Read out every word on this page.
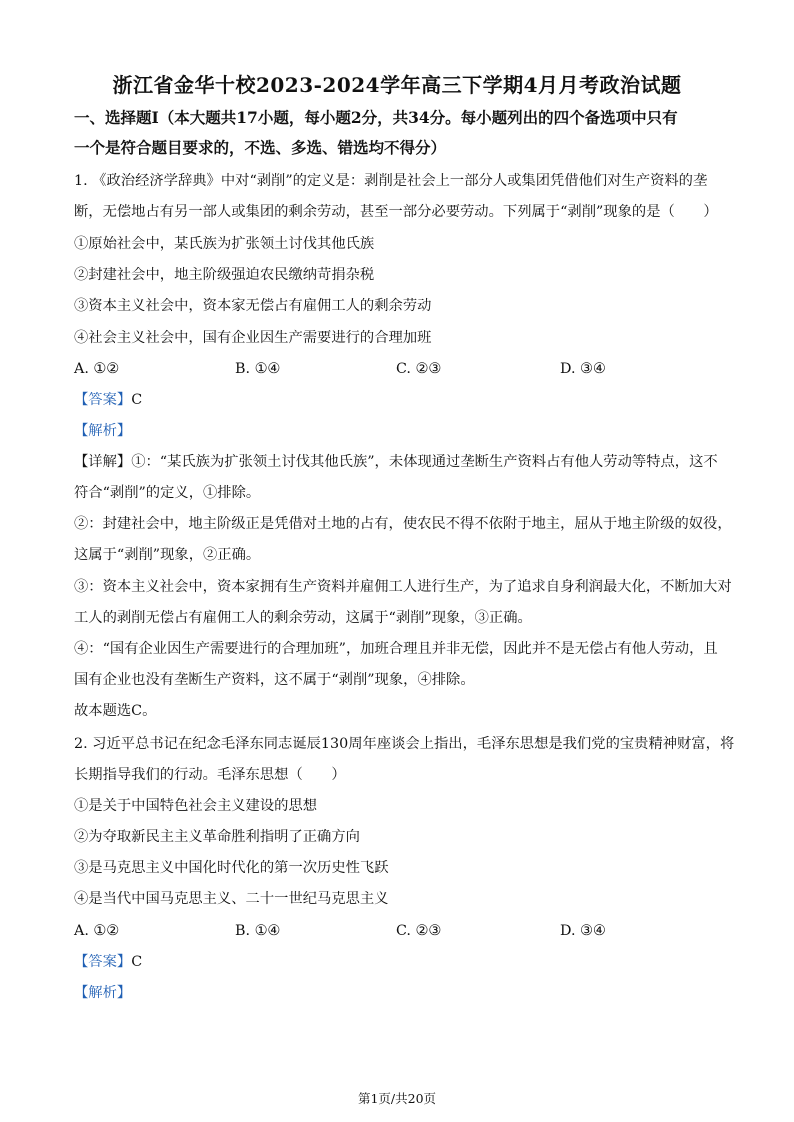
浙江省金华十校2023-2024学年高三下学期4月月考政治试题
一、选择题Ⅰ（本大题共17小题，每小题2分，共34分。每小题列出的四个备选项中只有
一个是符合题目要求的，不选、多选、错选均不得分）
1. 《政治经济学辞典》中对“剥削”的定义是：剥削是社会上一部分人或集团凭借他们对生产资料的垄
断，无偿地占有另一部人或集团的剩余劳动，甚至一部分必要劳动。下列属于“剥削”现象的是（　　）
①原始社会中，某氏族为扩张领土讨伐其他氏族
②封建社会中，地主阶级强迫农民缴纳苛捐杂税
③资本主义社会中，资本家无偿占有雇佣工人的剩余劳动
④社会主义社会中，国有企业因生产需要进行的合理加班
A. ①②	B. ①④	C. ②③	D. ③④
【答案】C
【解析】
【详解】①：“某氏族为扩张领土讨伐其他氏族”，未体现通过垄断生产资料占有他人劳动等特点，这不
符合“剥削”的定义，①排除。
②：封建社会中，地主阶级正是凭借对土地的占有，使农民不得不依附于地主，屈从于地主阶级的奴役，
这属于“剥削”现象，②正确。
③：资本主义社会中，资本家拥有生产资料并雇佣工人进行生产，为了追求自身利润最大化，不断加大对
工人的剥削无偿占有雇佣工人的剩余劳动，这属于“剥削”现象，③正确。
④：“国有企业因生产需要进行的合理加班”，加班合理且并非无偿，因此并不是无偿占有他人劳动，且
国有企业也没有垄断生产资料，这不属于“剥削”现象，④排除。
故本题选C。
2. 习近平总书记在纪念毛泽东同志诞辰130周年座谈会上指出，毛泽东思想是我们党的宝贵精神财富，将
长期指导我们的行动。毛泽东思想（　　）
①是关于中国特色社会主义建设的思想
②为夺取新民主主义革命胜利指明了正确方向
③是马克思主义中国化时代化的第一次历史性飞跃
④是当代中国马克思主义、二十一世纪马克思主义
A. ①②	B. ①④	C. ②③	D. ③④
【答案】C
【解析】
第1页/共20页
